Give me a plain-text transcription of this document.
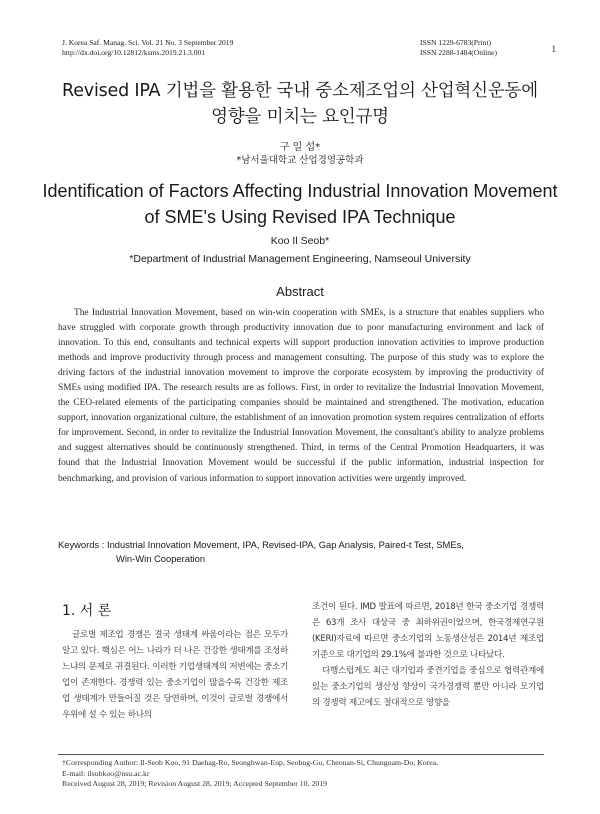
J. Korea Saf. Manag. Sci. Vol. 21 No. 3 September 2019
http://dx.doi.org/10.12812/ksms.2019.21.3.001
ISSN 1229-6783(Print)
ISSN 2288-1484(Online)	1
Revised IPA 기법을 활용한 국내 중소제조업의 산업혁신운동에
영향을 미치는 요인규명
구 일 섭*
*남서울대학교 산업경영공학과
Identification of Factors Affecting Industrial Innovation Movement
of SME's Using Revised IPA Technique
Koo Il Seob*
*Department of Industrial Management Engineering, Namseoul University
Abstract
The Industrial Innovation Movement, based on win-win cooperation with SMEs, is a structure that enables suppliers who have struggled with corporate growth through productivity innovation due to poor manufacturing environment and lack of innovation. To this end, consultants and technical experts will support production innovation activities to improve production methods and improve productivity through process and management consulting. The purpose of this study was to explore the driving factors of the industrial innovation movement to improve the corporate ecosystem by improving the productivity of SMEs using modified IPA. The research results are as follows. First, in order to revitalize the Industrial Innovation Movement, the CEO-related elements of the participating companies should be maintained and strengthened. The motivation, education support, innovation organizational culture, the establishment of an innovation promotion system requires centralization of efforts for improvement. Second, in order to revitalize the Industrial Innovation Movement, the consultant's ability to analyze problems and suggest alternatives should be continuously strengthened. Third, in terms of the Central Promotion Headquarters, it was found that the Industrial Innovation Movement would be successful if the public information, industrial inspection for benchmarking, and provision of various information to support innovation activities were urgently improved.
Keywords : Industrial Innovation Movement, IPA, Revised-IPA, Gap Analysis, Paired-t Test, SMEs,
Win-Win Cooperation
1. 서 론

글로벌 제조업 경쟁은 결국 생태계 싸움이라는 점은 모두가 알고 있다. 핵심은 어느 나라가 더 나은 건강한 생태계를 조성하느냐의 문제로 귀결된다. 이러한 기업생태계의 저변에는 중소기업이 존재한다. 경쟁력 있는 중소기업이 많을수록 건강한 제조업 생태계가 만들어질 것은 당연하며, 이것이 글로벌 경쟁에서 우위에 설 수 있는 하나의

조건이 된다. IMD 발표에 따르면, 2018년 한국 중소기업 경쟁력은 63개 조사 대상국 중 최하위권이었으며, 한국경제연구원(KERI)자료에 따르면 중소기업의 노동생산성은 2014년 제조업 기준으로 대기업의 29.1%에 불과한 것으로 나타났다.

다행스럽게도 최근 대기업과 중견기업을 중심으로 협력관계에 있는 중소기업의 생산성 향상이 국가경쟁력 뿐만 아니라 모기업의 경쟁력 제고에도 절대적으로 영향을

†Corresponding Author: Il-Seob Koo, 91 Daehag-Ro, Seonghwan-Eup, Seobug-Gu, Cheonan-Si, Chungnam-Do, Korea.
E-mail: ilsubkoo@nsu.ac.kr
Received August 28, 2019; Revision August 28, 2019; Accepted September 10, 2019
